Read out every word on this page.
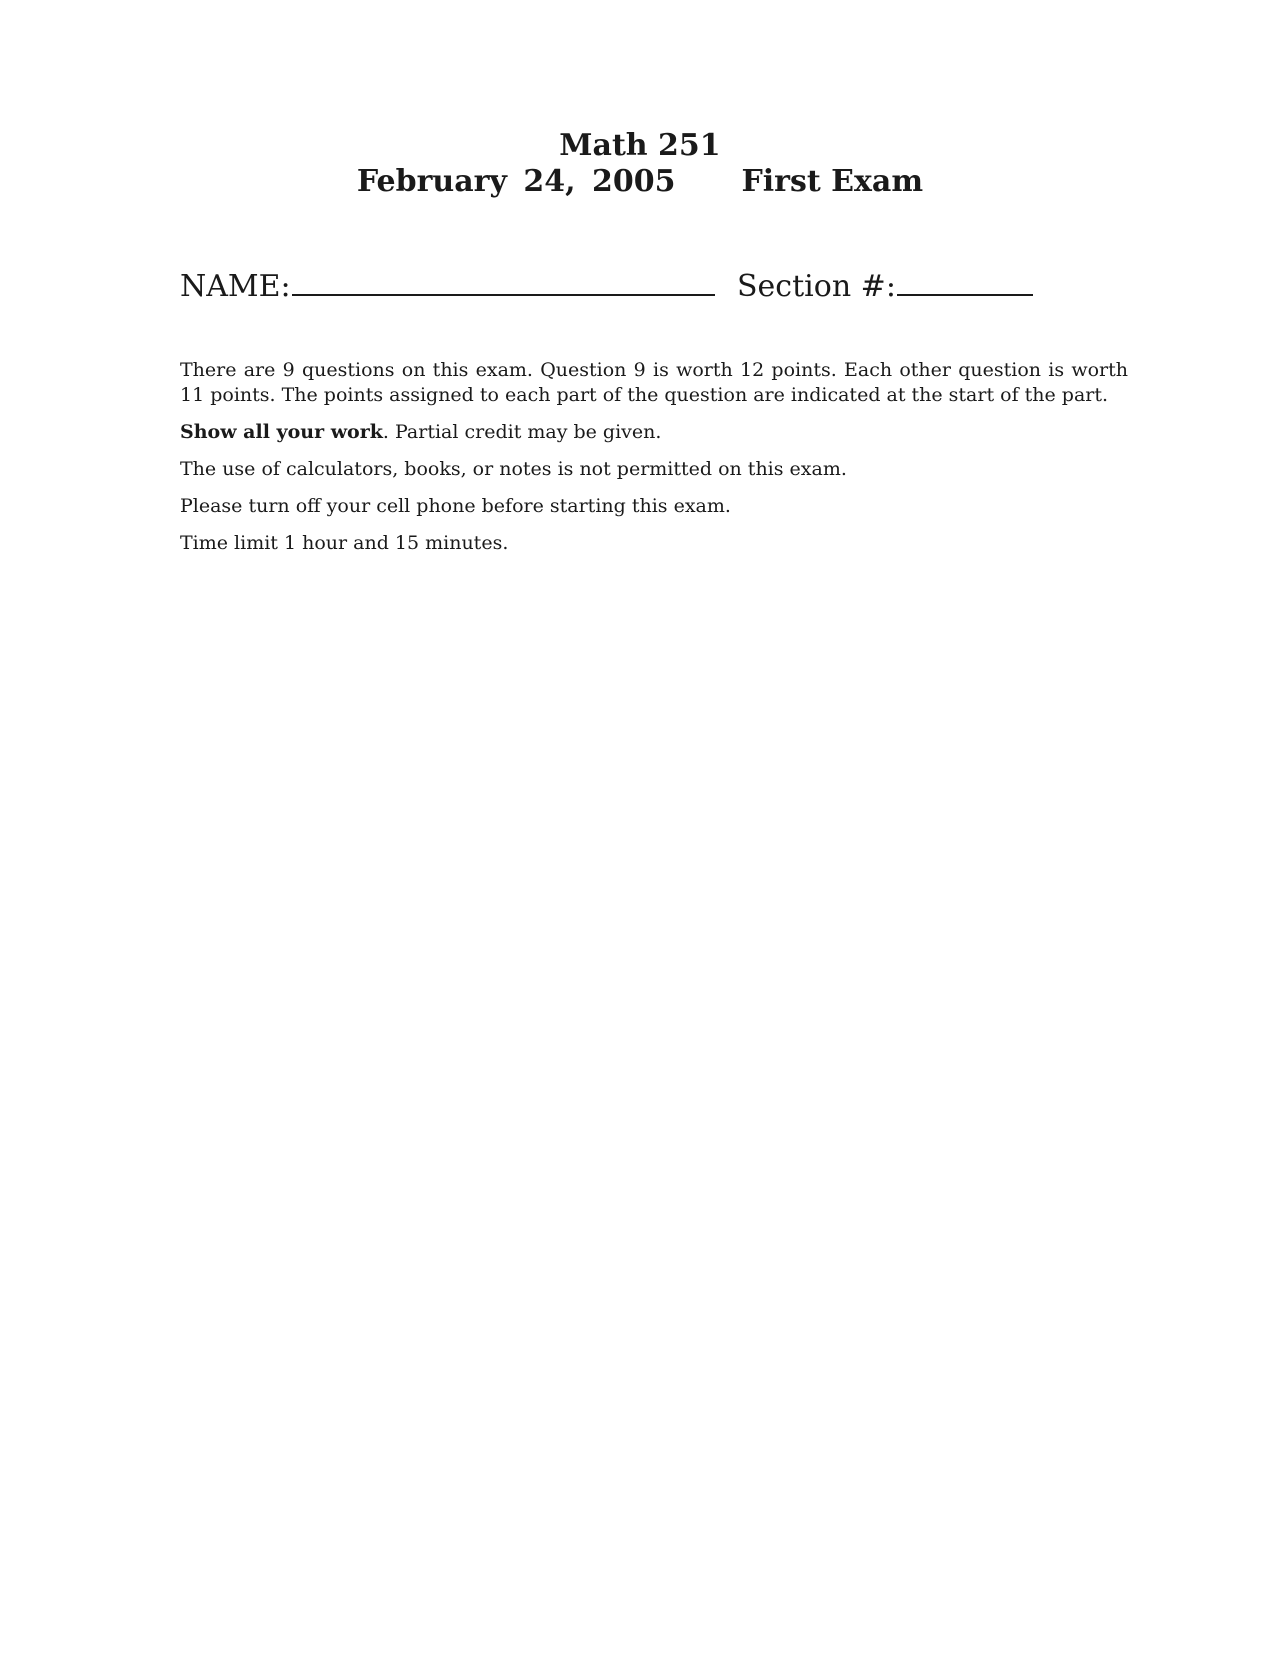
Math 251
February 24, 2005 First Exam
NAME:	Section #:

There are 9 questions on this exam. Question 9 is worth 12 points. Each other question is worth 11 points. The points assigned to each part of the question are indicated at the start of the part.

Show all your work. Partial credit may be given.

The use of calculators, books, or notes is not permitted on this exam.

Please turn off your cell phone before starting this exam.

Time limit 1 hour and 15 minutes.
